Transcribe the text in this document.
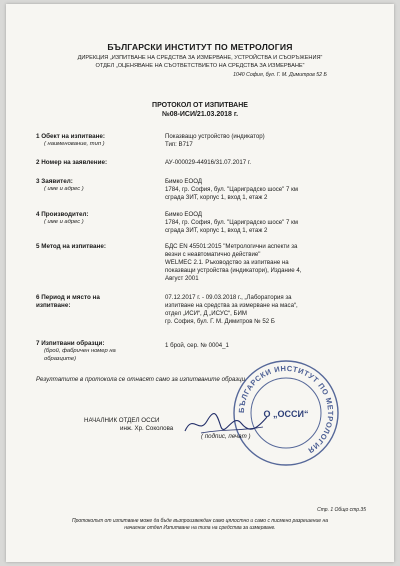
БЪЛГАРСКИ ИНСТИТУТ ПО МЕТРОЛОГИЯ
ДИРЕКЦИЯ „ИЗПИТВАНЕ НА СРЕДСТВА ЗА ИЗМЕРВАНЕ, УСТРОЙСТВА И СЪОРЪЖЕНИЯ“
ОТДЕЛ „ОЦЕНЯВАНЕ НА СЪОТВЕТСТВИЕТО НА СРЕДСТВА ЗА ИЗМЕРВАНЕ“
1040 София, бул. Г. М. Димитров 52 Б
ПРОТОКОЛ ОТ ИЗПИТВАНЕ
№08-ИСИ/21.03.2018 г.
1 Обект на изпитване:
( наименование, тип )
Показващо устройство (индикатор)
Тип: B717
2 Номер на заявление:	АУ-000029-44916/31.07.2017 г.
3 Заявител:
( име и адрес )
Бимко ЕООД
1784, гр. София, бул. "Цариградско шосе" 7 км
сграда ЗИТ, корпус 1, вход 1, етаж 2
4 Производител:
( име и адрес )
Бимко ЕООД
1784, гр. София, бул. "Цариградско шосе" 7 км
сграда ЗИТ, корпус 1, вход 1, етаж 2
5 Метод на изпитване:	БДС EN 45501:2015 "Метрологични аспекти за
везни с неавтоматично действие"
WELMEC 2.1. Ръководство за изпитване на
показващи устройства (индикатори), Издание 4,
Август 2001
6 Период и място на
изпитване:
07.12.2017 г. - 09.03.2018 г., „Лаборатория за
изпитване на средства за измерване на маса“,
отдел „ИСИ“, Д „ИСУС“, БИМ
гр. София, бул. Г. М. Димитров № 52 Б
7 Изпитвани образци:
(брой, фабричен номер на
образците)
1 брой, сер. № 0004_1
Резултатите в протокола се отнасят само за изпитваните образци.
БЪЛГАРСКИ ИНСТИТУТ ПО МЕТРОЛОГИЯ
О „ОССИ“
НАЧАЛНИК ОТДЕЛ ОССИ
инж. Хр. Соколова
( подпис, печат )
Стр. 1 Общо стр.35
Протоколът от изпитване може да бъде възпроизвеждан само цялостно и само с писмено разрешение на
началник отдел Изпитване на типа на средства за измерване.
